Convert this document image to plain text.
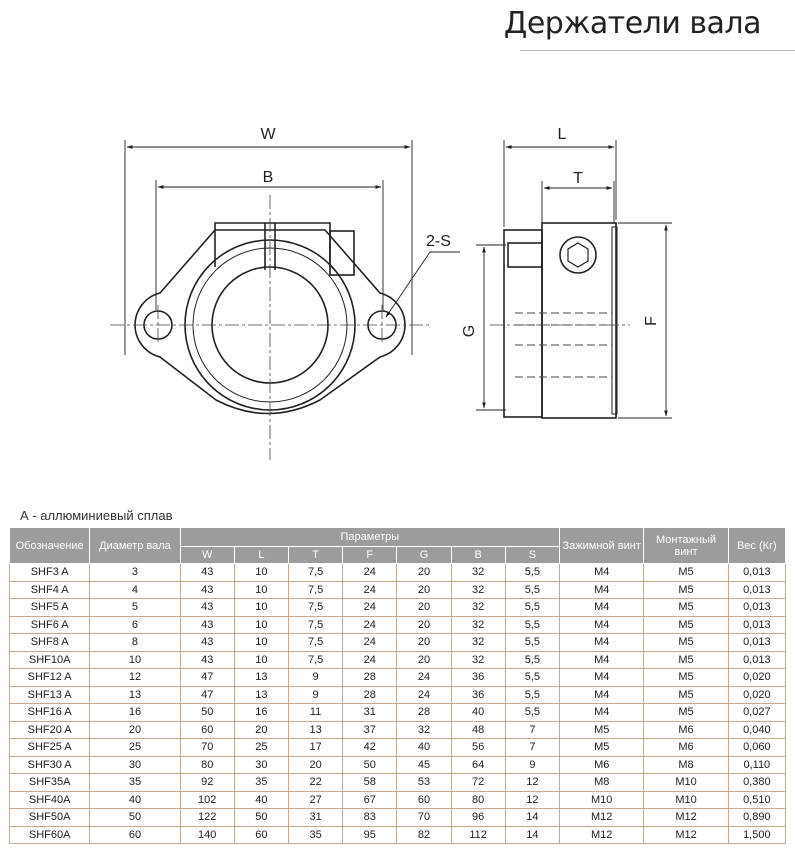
Держатели вала
W
B
2-S
L
T
G
F
А - аллюминиевый сплав
Обозначение	Диаметр вала	Параметры							Зажимной винт	Монтажный винт	Вес (Кг)
		W	L	T	F	G	B	S			
SHF3 A	3	43	10	7,5	24	20	32	5,5	M4	M5	0,013
SHF4 A	4	43	10	7,5	24	20	32	5,5	M4	M5	0,013
SHF5 A	5	43	10	7,5	24	20	32	5,5	M4	M5	0,013
SHF6 A	6	43	10	7,5	24	20	32	5,5	M4	M5	0,013
SHF8 A	8	43	10	7,5	24	20	32	5,5	M4	M5	0,013
SHF10A	10	43	10	7,5	24	20	32	5,5	M4	M5	0,013
SHF12 A	12	47	13	9	28	24	36	5,5	M4	M5	0,020
SHF13 A	13	47	13	9	28	24	36	5,5	M4	M5	0,020
SHF16 A	16	50	16	11	31	28	40	5,5	M4	M5	0,027
SHF20 A	20	60	20	13	37	32	48	7	M5	M6	0,040
SHF25 A	25	70	25	17	42	40	56	7	M5	M6	0,060
SHF30 A	30	80	30	20	50	45	64	9	M6	M8	0,110
SHF35A	35	92	35	22	58	53	72	12	M8	M10	0,380
SHF40A	40	102	40	27	67	60	80	12	M10	M10	0,510
SHF50A	50	122	50	31	83	70	96	14	M12	M12	0,890
SHF60A	60	140	60	35	95	82	112	14	M12	M12	1,500
